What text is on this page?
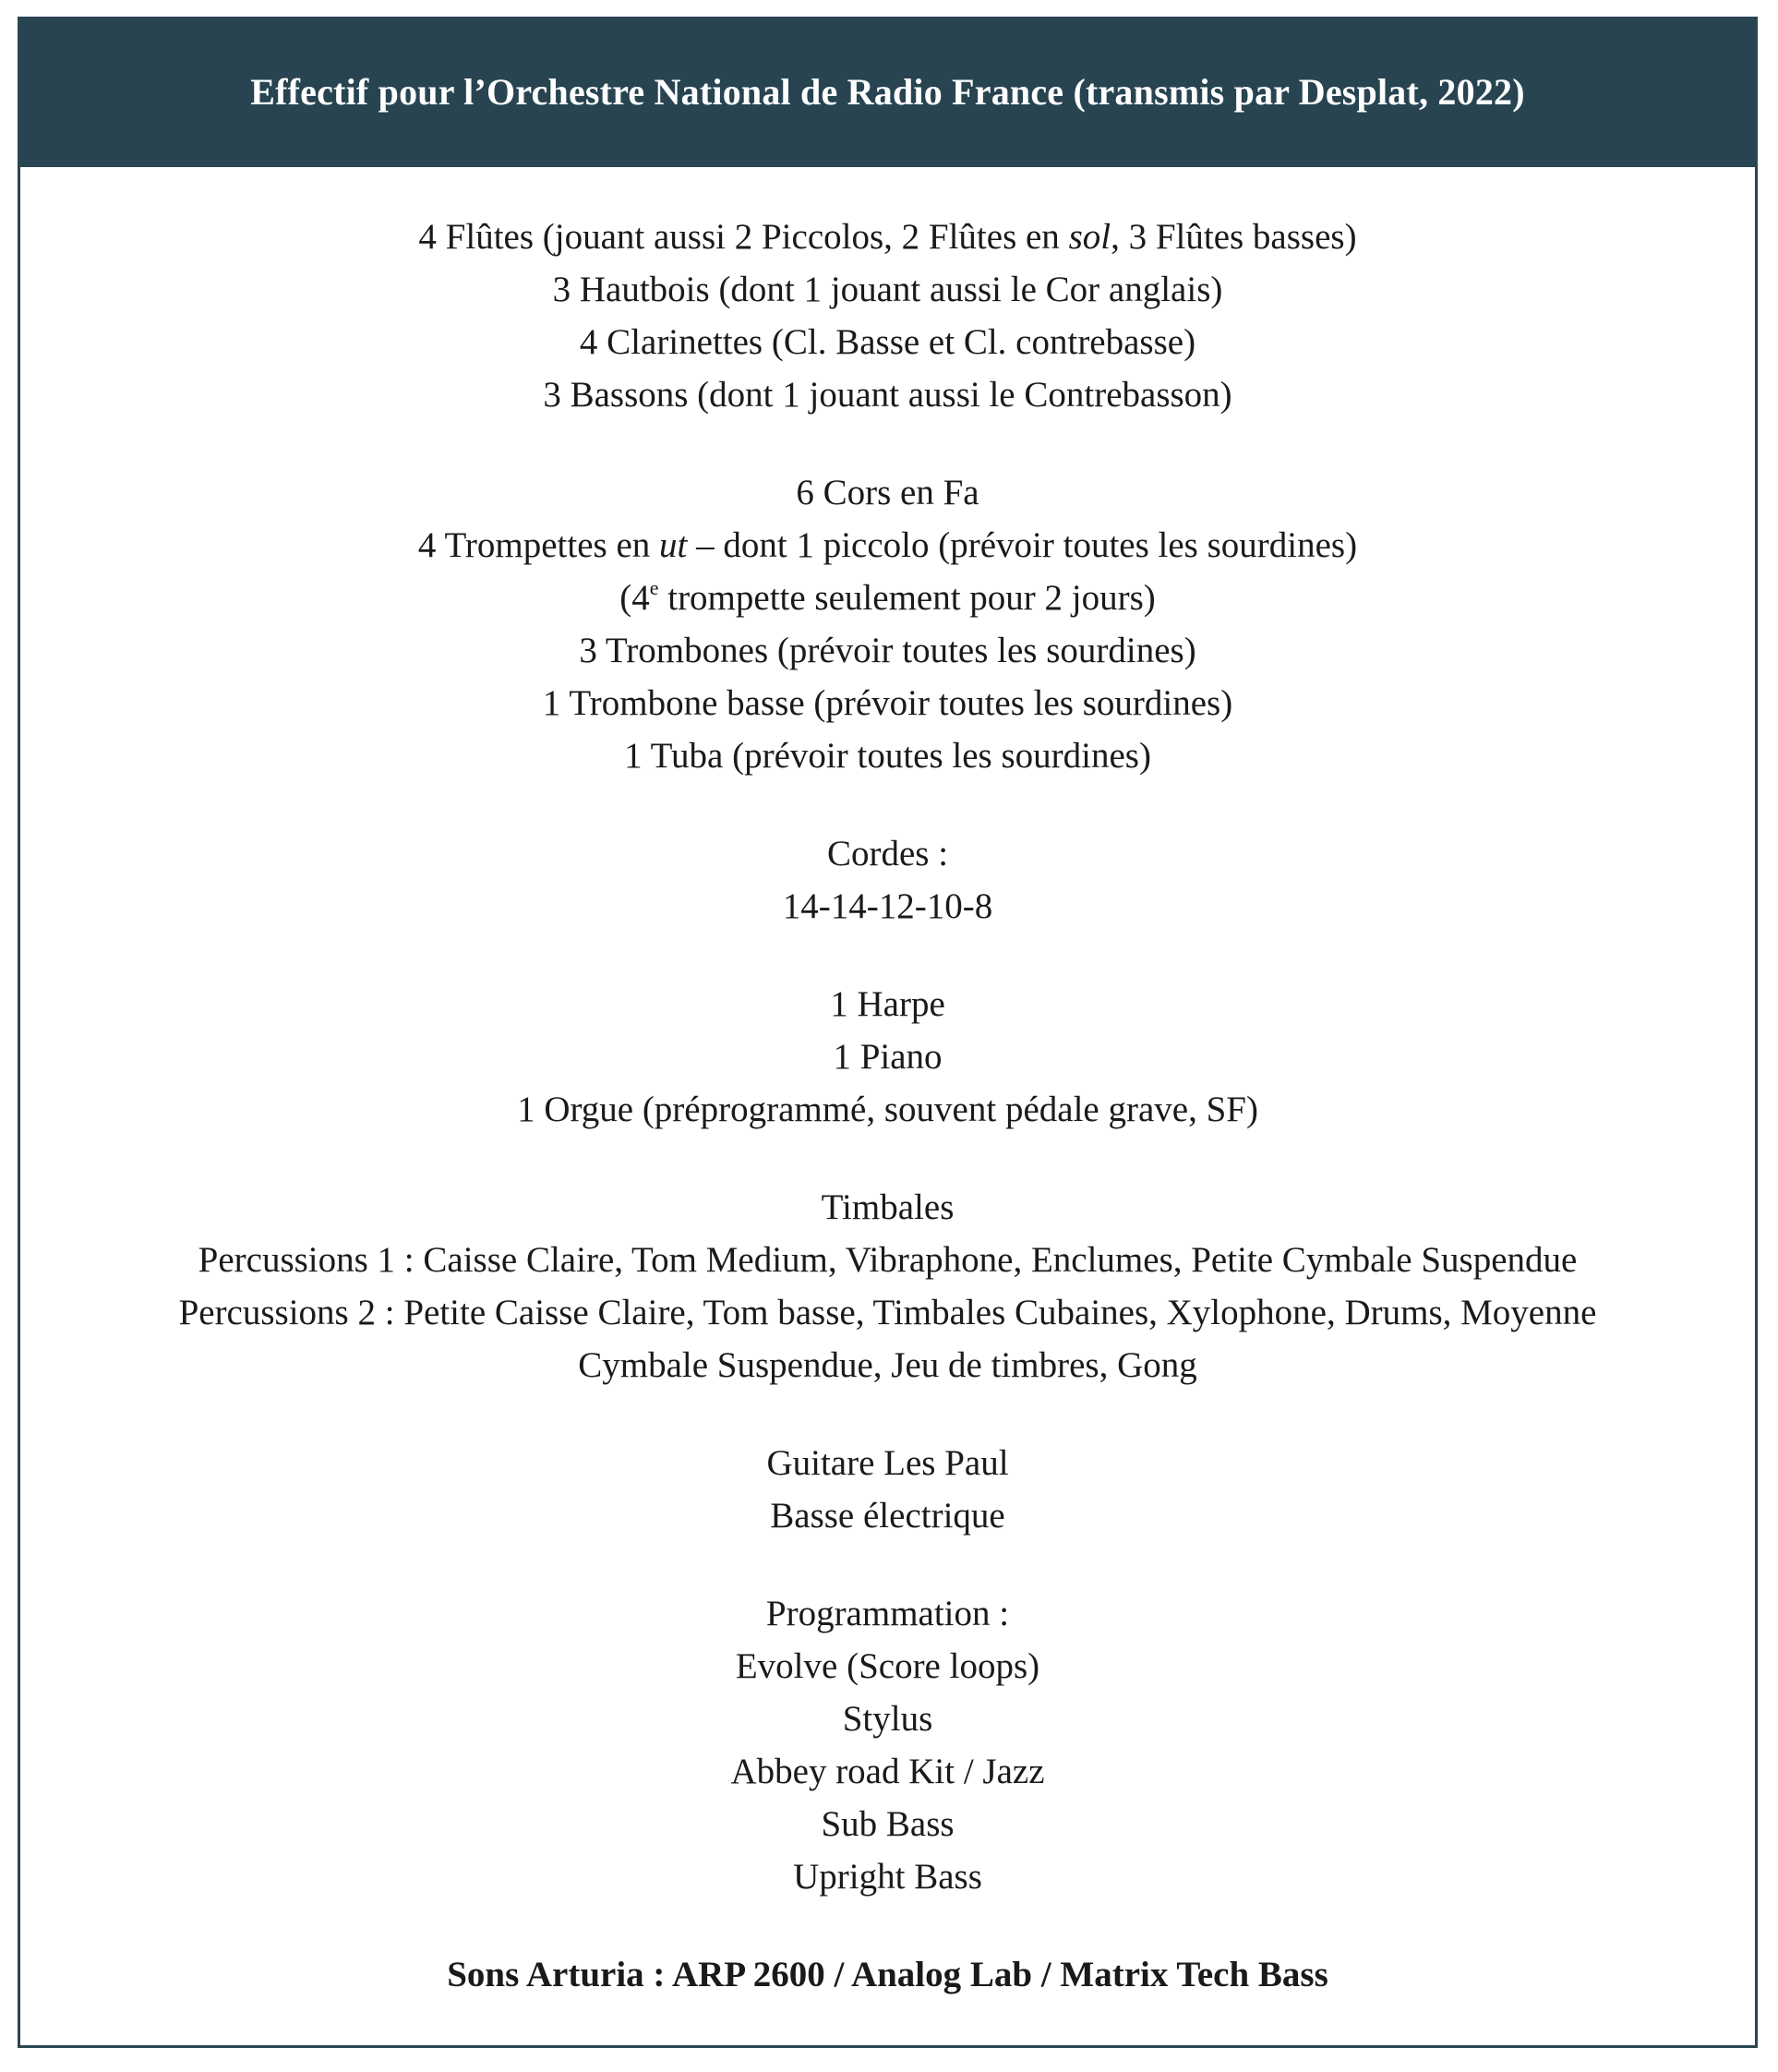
Effectif pour l’Orchestre National de Radio France (transmis par Desplat, 2022)
4 Flûtes (jouant aussi 2 Piccolos, 2 Flûtes en sol, 3 Flûtes basses)
3 Hautbois (dont 1 jouant aussi le Cor anglais)
4 Clarinettes (Cl. Basse et Cl. contrebasse)
3 Bassons (dont 1 jouant aussi le Contrebasson)
6 Cors en Fa
4 Trompettes en ut – dont 1 piccolo (prévoir toutes les sourdines)
(4e trompette seulement pour 2 jours)
3 Trombones (prévoir toutes les sourdines)
1 Trombone basse (prévoir toutes les sourdines)
1 Tuba (prévoir toutes les sourdines)
Cordes :
14-14-12-10-8
1 Harpe
1 Piano
1 Orgue (préprogrammé, souvent pédale grave, SF)
Timbales
Percussions 1 : Caisse Claire, Tom Medium, Vibraphone, Enclumes, Petite Cymbale Suspendue
Percussions 2 : Petite Caisse Claire, Tom basse, Timbales Cubaines, Xylophone, Drums, Moyenne
Cymbale Suspendue, Jeu de timbres, Gong
Guitare Les Paul
Basse électrique
Programmation :
Evolve (Score loops)
Stylus
Abbey road Kit / Jazz
Sub Bass
Upright Bass
Sons Arturia : ARP 2600 / Analog Lab / Matrix Tech Bass
